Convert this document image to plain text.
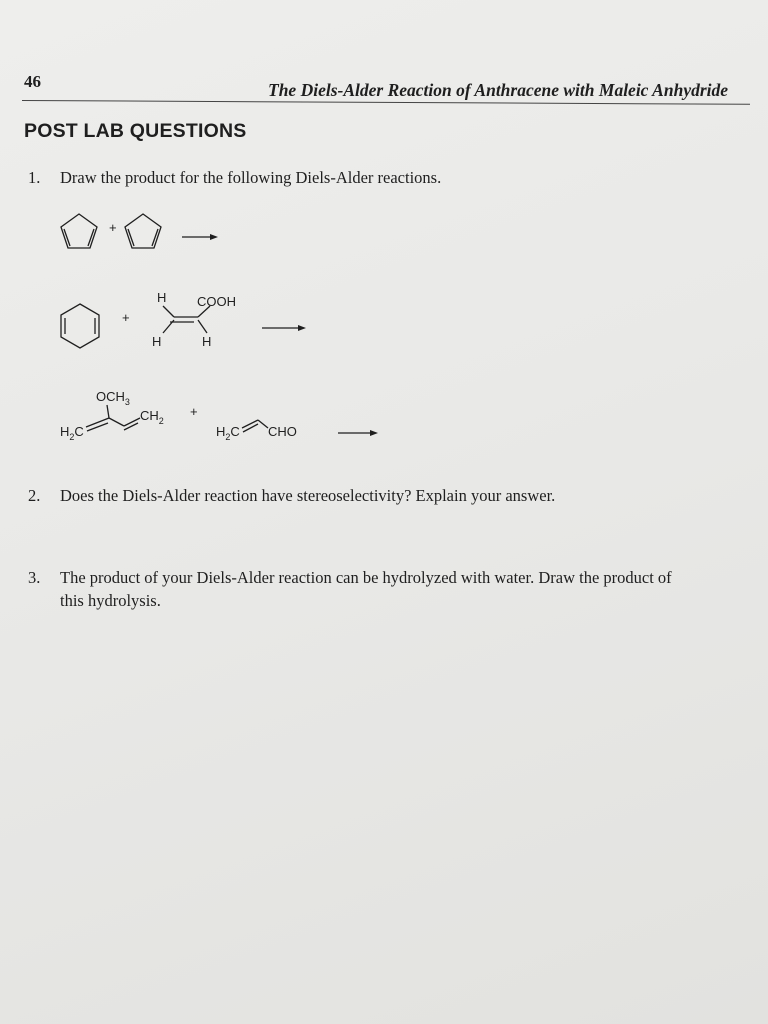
46	The Diels-Alder Reaction of Anthracene with Maleic Anhydride
POST LAB QUESTIONS
1. Draw the product for the following Diels-Alder reactions.
2. Does the Diels-Alder reaction have stereoselectivity? Explain your answer.
3. The product of your Diels-Alder reaction can be hydrolyzed with water. Draw the product of
this hydrolysis.
+
+
H COOH
H	H
$OCH_3$
$H_2C$
$CH_2$
+
$H_2C$ CHO
